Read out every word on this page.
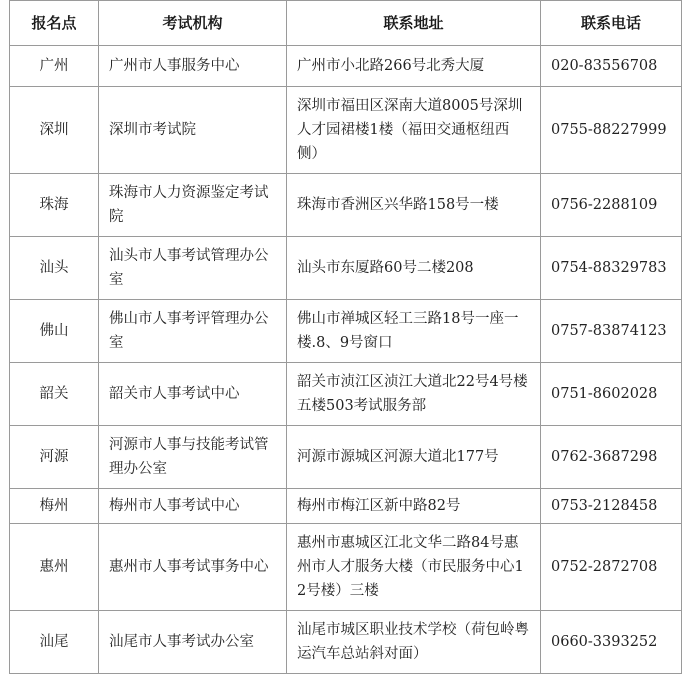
报名点	考试机构	联系地址	联系电话
广州	广州市人事服务中心	广州市小北路266号北秀大厦	020-83556708
深圳	深圳市考试院	深圳市福田区深南大道8005号深圳人才园裙楼1楼（福田交通枢纽西侧）	0755-88227999
珠海	珠海市人力资源鉴定考试院	珠海市香洲区兴华路158号一楼	0756-2288109
汕头	汕头市人事考试管理办公室	汕头市东厦路60号二楼208	0754-88329783
佛山	佛山市人事考评管理办公室	佛山市禅城区轻工三路18号一座一楼.8、9号窗口	0757-83874123
韶关	韶关市人事考试中心	韶关市浈江区浈江大道北22号4号楼五楼503考试服务部	0751-8602028
河源	河源市人事与技能考试管理办公室	河源市源城区河源大道北177号	0762-3687298
梅州	梅州市人事考试中心	梅州市梅江区新中路82号	0753-2128458
惠州	惠州市人事考试事务中心	惠州市惠城区江北文华二路84号惠州市人才服务大楼（市民服务中心12号楼）三楼	0752-2872708
汕尾	汕尾市人事考试办公室	汕尾市城区职业技术学校（荷包岭粤运汽车总站斜对面）	0660-3393252
